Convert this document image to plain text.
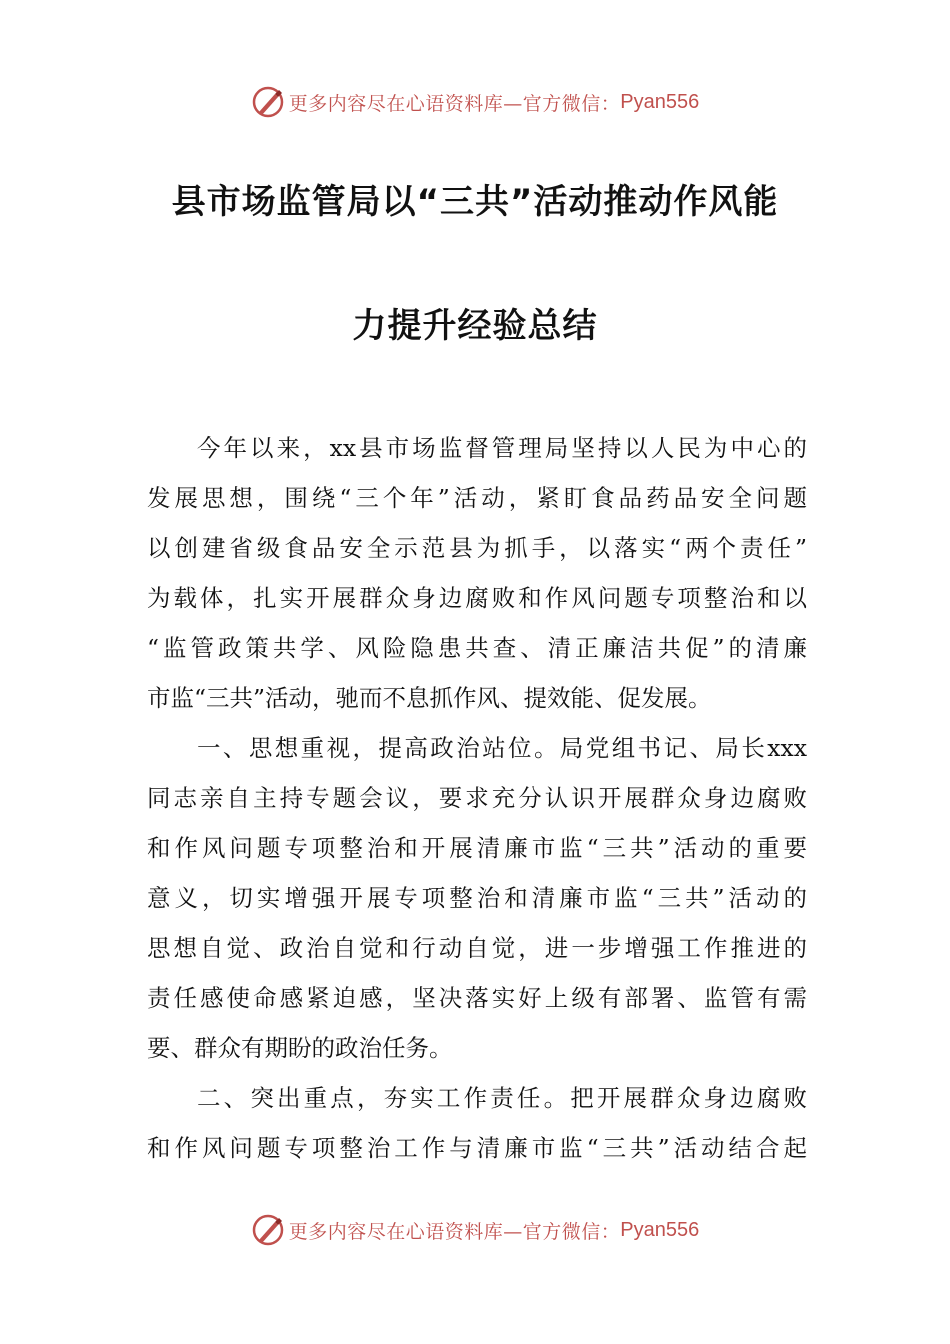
更多内容尽在心语资料库—官方微信： Pyan556
县市场监管局以“三共”活动推动作风能
力提升经验总结
今年以来，xx县市场监督管理局坚持以人民为中心的
发展思想，围绕“三个年”活动，紧盯食品药品安全问题
以创建省级食品安全示范县为抓手，以落实“两个责任”
为载体，扎实开展群众身边腐败和作风问题专项整治和以
“监管政策共学、风险隐患共查、清正廉洁共促”的清廉
市监“三共”活动，驰而不息抓作风、提效能、促发展。
一、思想重视，提高政治站位。局党组书记、局长xxx
同志亲自主持专题会议，要求充分认识开展群众身边腐败
和作风问题专项整治和开展清廉市监“三共”活动的重要
意义，切实增强开展专项整治和清廉市监“三共”活动的
思想自觉、政治自觉和行动自觉，进一步增强工作推进的
责任感使命感紧迫感，坚决落实好上级有部署、监管有需
要、群众有期盼的政治任务。
二、突出重点，夯实工作责任。把开展群众身边腐败
和作风问题专项整治工作与清廉市监“三共”活动结合起
更多内容尽在心语资料库—官方微信： Pyan556
